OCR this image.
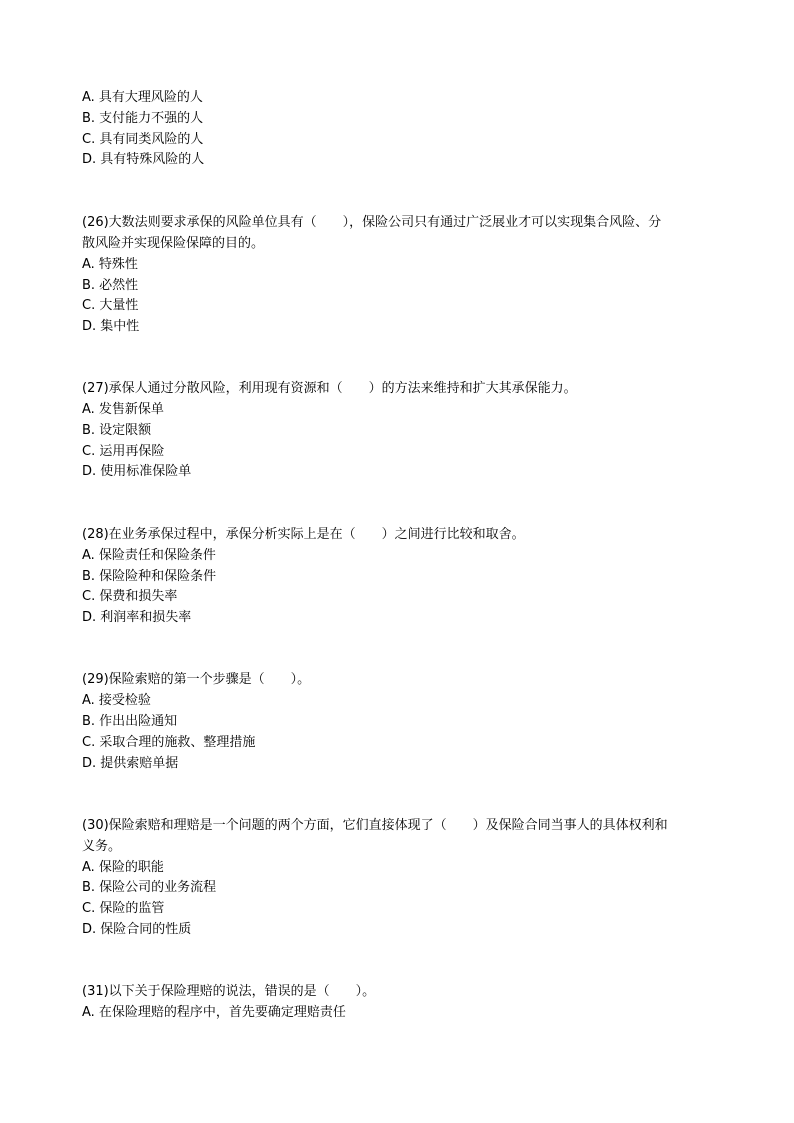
A. 具有大理风险的人
B. 支付能力不强的人
C. 具有同类风险的人
D. 具有特殊风险的人
(26)大数法则要求承保的风险单位具有（　　），保险公司只有通过广泛展业才可以实现集合风险、分
散风险并实现保险保障的目的。
A. 特殊性
B. 必然性
C. 大量性
D. 集中性
(27)承保人通过分散风险，利用现有资源和（　　）的方法来维持和扩大其承保能力。
A. 发售新保单
B. 设定限额
C. 运用再保险
D. 使用标准保险单
(28)在业务承保过程中，承保分析实际上是在（　　）之间进行比较和取舍。
A. 保险责任和保险条件
B. 保险险种和保险条件
C. 保费和损失率
D. 利润率和损失率
(29)保险索赔的第一个步骤是（　　）。
A. 接受检验
B. 作出出险通知
C. 采取合理的施救、整理措施
D. 提供索赔单据
(30)保险索赔和理赔是一个问题的两个方面，它们直接体现了（　　）及保险合同当事人的具体权利和
义务。
A. 保险的职能
B. 保险公司的业务流程
C. 保险的监管
D. 保险合同的性质
(31)以下关于保险理赔的说法，错误的是（　　）。
A. 在保险理赔的程序中，首先要确定理赔责任
